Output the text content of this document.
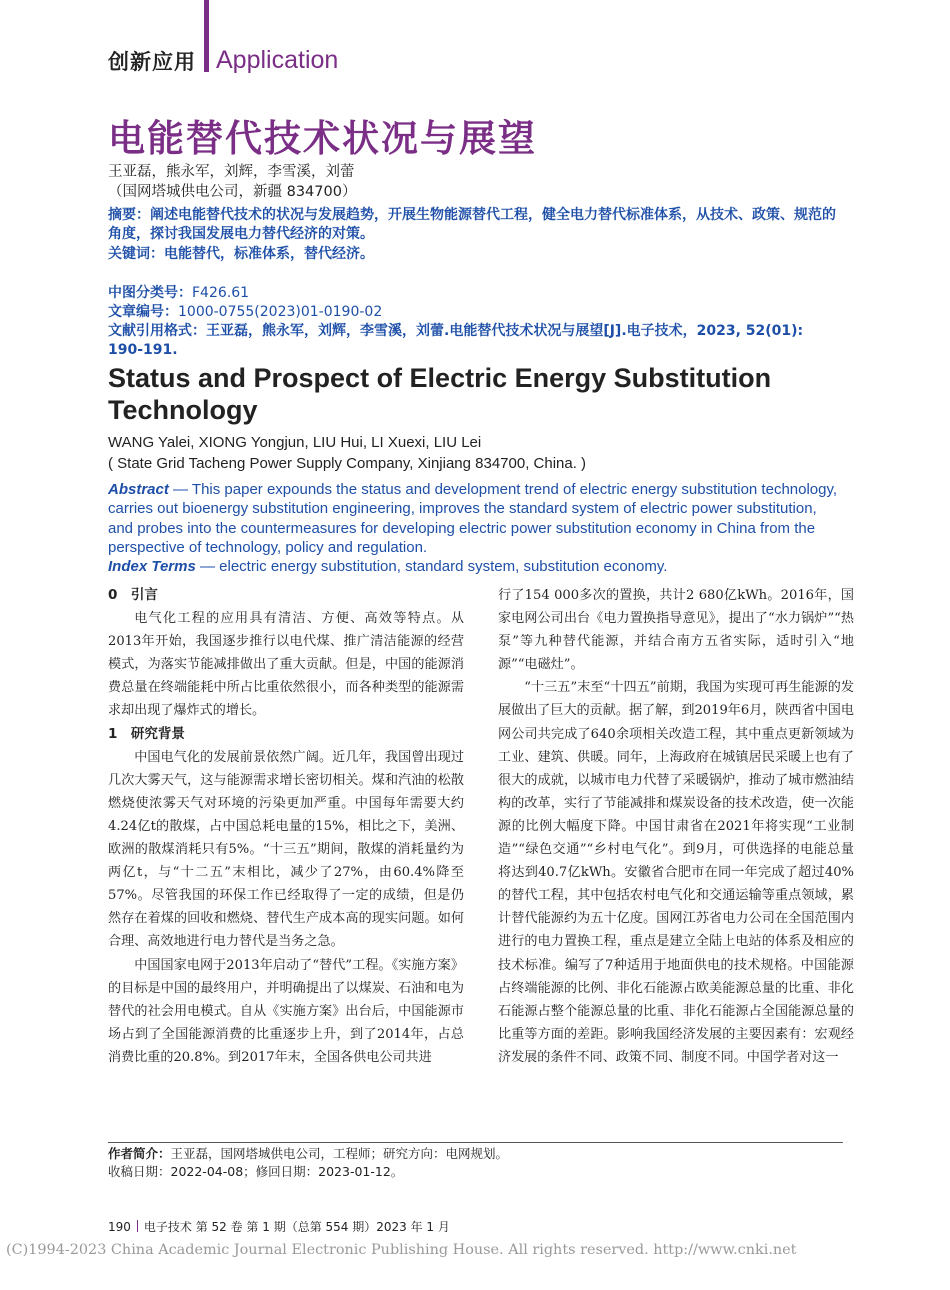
创新应用 Application
电能替代技术状况与展望
王亚磊，熊永军，刘辉，李雪溪，刘蕾
（国网塔城供电公司，新疆 834700）
摘要：阐述电能替代技术的状况与发展趋势，开展生物能源替代工程，健全电力替代标准体系，从技术、政策、规范的角度，探讨我国发展电力替代经济的对策。
关键词：电能替代，标准体系，替代经济。
中图分类号：F426.61
文章编号：1000-0755(2023)01-0190-02
文献引用格式：王亚磊，熊永军，刘辉，李雪溪，刘蕾.电能替代技术状况与展望[J].电子技术，2023, 52(01): 190-191.
Status and Prospect of Electric Energy Substitution Technology
WANG Yalei, XIONG Yongjun, LIU Hui, LI Xuexi, LIU Lei
( State Grid Tacheng Power Supply Company, Xinjiang 834700, China. )
Abstract — This paper expounds the status and development trend of electric energy substitution technology, carries out bioenergy substitution engineering, improves the standard system of electric power substitution, and probes into the countermeasures for developing electric power substitution economy in China from the perspective of technology, policy and regulation.
Index Terms — electric energy substitution, standard system, substitution economy.

0　引言

电气化工程的应用具有清洁、方便、高效等特点。从2013年开始，我国逐步推行以电代煤、推广清洁能源的经营模式，为落实节能减排做出了重大贡献。但是，中国的能源消费总量在终端能耗中所占比重依然很小，而各种类型的能源需求却出现了爆炸式的增长。

1　研究背景

中国电气化的发展前景依然广阔。近几年，我国曾出现过几次大雾天气，这与能源需求增长密切相关。煤和汽油的松散燃烧使浓雾天气对环境的污染更加严重。中国每年需要大约4.24亿t的散煤，占中国总耗电量的15%，相比之下，美洲、欧洲的散煤消耗只有5%。“十三五”期间，散煤的消耗量约为两亿t，与“十二五”末相比，减少了27%，由60.4%降至57%。尽管我国的环保工作已经取得了一定的成绩，但是仍然存在着煤的回收和燃烧、替代生产成本高的现实问题。如何合理、高效地进行电力替代是当务之急。

中国国家电网于2013年启动了“替代”工程。《实施方案》的目标是中国的最终用户，并明确提出了以煤炭、石油和电为替代的社会用电模式。自从《实施方案》出台后，中国能源市场占到了全国能源消费的比重逐步上升，到了2014年，占总消费比重的20.8%。到2017年末，全国各供电公司共进

行了154 000多次的置换，共计2 680亿kWh。2016年，国家电网公司出台《电力置换指导意见》，提出了“水力锅炉”“热泵”等九种替代能源，并结合南方五省实际，适时引入“地源”“电磁灶”。

“十三五”末至“十四五”前期，我国为实现可再生能源的发展做出了巨大的贡献。据了解，到2019年6月，陕西省中国电网公司共完成了640余项相关改造工程，其中重点更新领域为工业、建筑、供暖。同年，上海政府在城镇居民采暖上也有了很大的成就，以城市电力代替了采暖锅炉，推动了城市燃油结构的改革，实行了节能减排和煤炭设备的技术改造，使一次能源的比例大幅度下降。中国甘肃省在2021年将实现“工业制造”“绿色交通”“乡村电气化”。到9月，可供选择的电能总量将达到40.7亿kWh。安徽省合肥市在同一年完成了超过40%的替代工程，其中包括农村电气化和交通运输等重点领域，累计替代能源约为五十亿度。国网江苏省电力公司在全国范围内进行的电力置换工程，重点是建立全陆上电站的体系及相应的技术标准。编写了7种适用于地面供电的技术规格。中国能源占终端能源的比例、非化石能源占欧美能源总量的比重、非化石能源占整个能源总量的比重、非化石能源占全国能源总量的比重等方面的差距。影响我国经济发展的主要因素有：宏观经济发展的条件不同、政策不同、制度不同。中国学者对这一

作者简介：王亚磊，国网塔城供电公司，工程师；研究方向：电网规划。
收稿日期：2022-04-08；修回日期：2023-01-12。
190 电子技术 第 52 卷 第 1 期（总第 554 期）2023 年 1 月
(C)1994-2023 China Academic Journal Electronic Publishing House. All rights reserved. http://www.cnki.net
